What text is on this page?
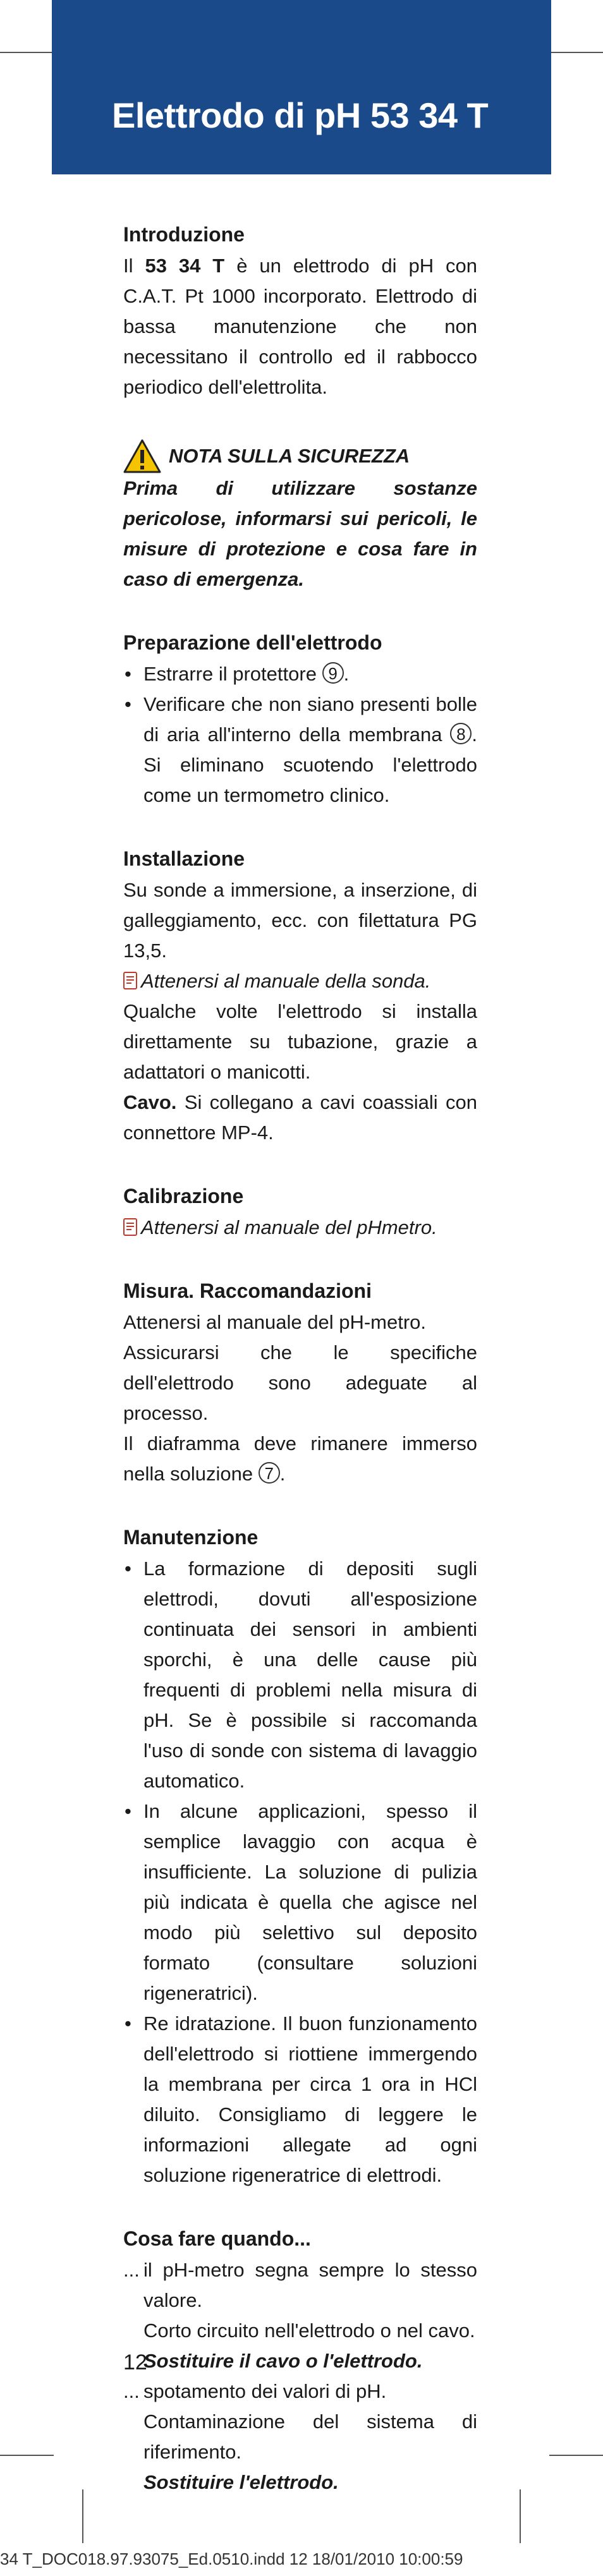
Elettrodo di pH 53 34 T
Introduzione

Il 53 34 T è un elettrodo di pH con C.A.T. Pt 1000 incorporato. Elettrodo di bassa manutenzione che non necessitano il controllo ed il rabbocco periodico dell'elettrolita.

NOTA SULLA SICUREZZA

Prima di utilizzare sostanze pericolose, informarsi sui pericoli, le misure di protezione e cosa fare in caso di emergenza.

Preparazione dell'elettrodo
• Estrarre il protettore 9 .
• Verificare che non siano presenti bolle di aria all'interno della membrana 8 . Si eliminano scuotendo l'elettrodo come un termometro clinico.
Installazione

Su sonde a immersione, a inserzione, di galleggiamento, ecc. con filettatura PG 13,5.

Attenersi al manuale della sonda.

Qualche volte l'elettrodo si installa direttamente su tubazione, grazie a adattatori o manicotti.

Cavo. Si collegano a cavi coassiali con connettore MP-4.

Calibrazione

Attenersi al manuale del pHmetro.

Misura. Raccomandazioni

Attenersi al manuale del pH-metro.

Assicurarsi che le specifiche dell'elettrodo sono adeguate al processo.

Il diaframma deve rimanere immerso nella soluzione 7 .

Manutenzione
• La formazione di depositi sugli elettrodi, dovuti all'esposizione continuata dei sensori in ambienti sporchi, è una delle cause più frequenti di problemi nella misura di pH. Se è possibile si raccomanda l'uso di sonde con sistema di lavaggio automatico.
• In alcune applicazioni, spesso il semplice lavaggio con acqua è insufficiente. La soluzione di pulizia più indicata è quella che agisce nel modo più selettivo sul deposito formato (consultare soluzioni rigeneratrici).
• Re idratazione. Il buon funzionamento dell'elettrodo si riottiene immergendo la membrana per circa 1 ora in HCl diluito. Consigliamo di leggere le informazioni allegate ad ogni soluzione rigeneratrice di elettrodi.
Cosa fare quando...
... il pH-metro segna sempre lo stesso valore.
Corto circuito nell'elettrodo o nel cavo.
Sostituire il cavo o l'elettrodo.
... spotamento dei valori di pH.
Contaminazione del sistema di riferimento.
Sostituire l'elettrodo.
12
34 T_DOC018.97.93075_Ed.0510.indd 12 18/01/2010 10:00:59
